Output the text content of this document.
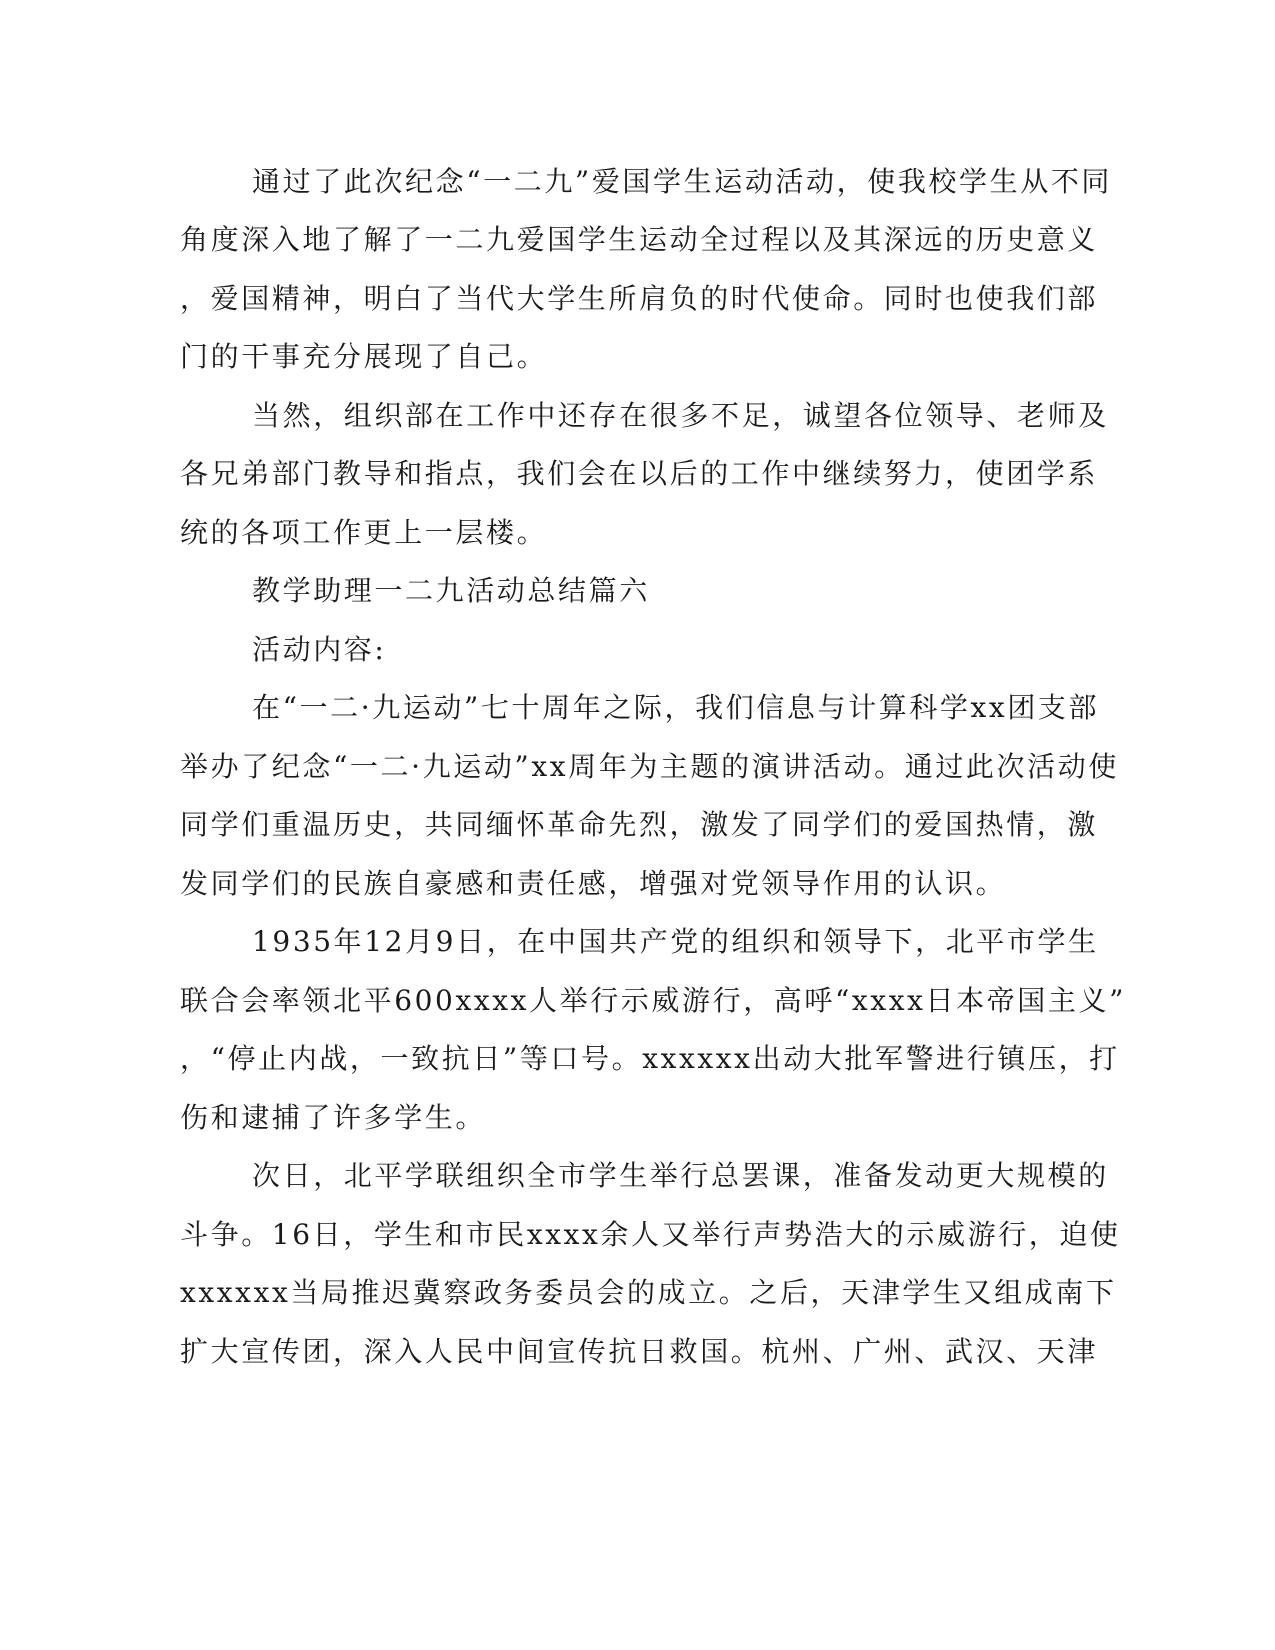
通过了此次纪念“一二九”爱国学生运动活动，使我校学生从不同
角度深入地了解了一二九爱国学生运动全过程以及其深远的历史意义
，爱国精神，明白了当代大学生所肩负的时代使命。同时也使我们部
门的干事充分展现了自己。
当然，组织部在工作中还存在很多不足，诚望各位领导、老师及
各兄弟部门教导和指点，我们会在以后的工作中继续努力，使团学系
统的各项工作更上一层楼。
教学助理一二九活动总结篇六
活动内容:
在“一二·九运动”七十周年之际，我们信息与计算科学xx团支部
举办了纪念“一二·九运动”xx周年为主题的演讲活动。通过此次活动使
同学们重温历史，共同缅怀革命先烈，激发了同学们的爱国热情，激
发同学们的民族自豪感和责任感，增强对党领导作用的认识。
1935年12月9日，在中国共产党的组织和领导下，北平市学生
联合会率领北平600xxxx人举行示威游行，高呼“xxxx日本帝国主义”
，“停止内战，一致抗日”等口号。xxxxxx出动大批军警进行镇压，打
伤和逮捕了许多学生。
次日，北平学联组织全市学生举行总罢课，准备发动更大规模的
斗争。16日，学生和市民xxxx余人又举行声势浩大的示威游行，迫使
xxxxxx当局推迟冀察政务委员会的成立。之后，天津学生又组成南下
扩大宣传团，深入人民中间宣传抗日救国。杭州、广州、武汉、天津
